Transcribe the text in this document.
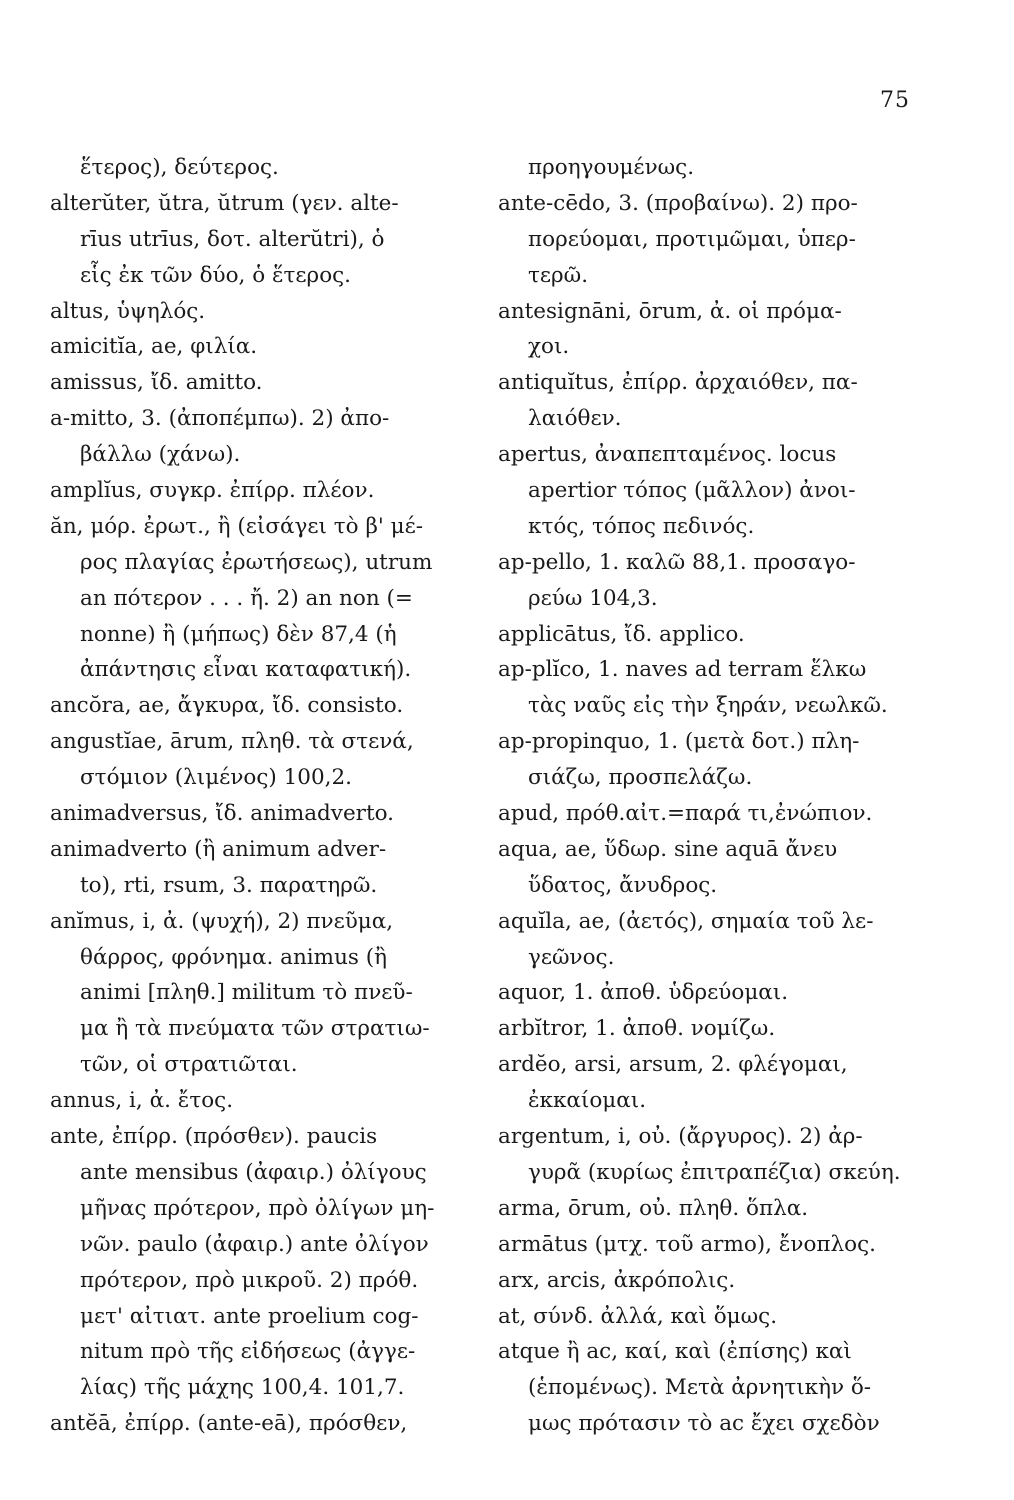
75
ἕτερος), δεύτερος.
alterŭter, ŭtra, ŭtrum (γεν. alte-
rīus utrīus, δοτ. alterŭtri), ὁ
εἷς ἐκ τῶν δύο, ὁ ἕτερος.
altus, ὑψηλός.
amicitĭa, ae, φιλία.
amissus, ἴδ. amitto.
a-mitto, 3. (ἀποπέμπω). 2) ἀπο-
βάλλω (χάνω).
amplĭus, συγκρ. ἐπίρρ. πλέον.
ăn, μόρ. ἐρωτ., ἢ (εἰσάγει τὸ β' μέ-
ρος πλαγίας ἐρωτήσεως), utrum
an πότερον . . . ἤ. 2) an non (=
nonne) ἢ (μήπως) δὲν 87,4 (ἡ
ἀπάντησις εἶναι καταφατική).
ancŏra, ae, ἄγκυρα, ἴδ. consisto.
angustĭae, ārum, πληθ. τὰ στενά,
στόμιον (λιμένος) 100,2.
animadversus, ἴδ. animadverto.
animadverto (ἢ animum adver-
to), rti, rsum, 3. παρατηρῶ.
anĭmus, i, ἀ. (ψυχή), 2) πνεῦμα,
θάρρος, φρόνημα. animus (ἢ
animi [πληθ.] militum τὸ πνεῦ-
μα ἢ τὰ πνεύματα τῶν στρατιω-
τῶν, οἱ στρατιῶται.
annus, i, ἀ. ἔτος.
ante, ἐπίρρ. (πρόσθεν). paucis
ante mensibus (ἀφαιρ.) ὀλίγους
μῆνας πρότερον, πρὸ ὀλίγων μη-
νῶν. paulo (ἀφαιρ.) ante ὀλίγον
πρότερον, πρὸ μικροῦ. 2) πρόθ.
μετ' αἰτιατ. ante proelium cog-
nitum πρὸ τῆς εἰδήσεως (ἀγγε-
λίας) τῆς μάχης 100,4. 101,7.
antĕā, ἐπίρρ. (ante-eā), πρόσθεν,
προηγουμένως.
ante-cēdo, 3. (προβαίνω). 2) προ-
πορεύομαι, προτιμῶμαι, ὑπερ-
τερῶ.
antesignāni, ōrum, ἀ. οἱ πρόμα-
χοι.
antiquĭtus, ἐπίρρ. ἀρχαιόθεν, πα-
λαιόθεν.
apertus, ἀναπεπταμένος. locus
apertior τόπος (μᾶλλον) ἀνοι-
κτός, τόπος πεδινός.
ap-pello, 1. καλῶ 88,1. προσαγο-
ρεύω 104,3.
applicātus, ἴδ. applico.
ap-plĭco, 1. naves ad terram ἕλκω
τὰς ναῦς εἰς τὴν ξηράν, νεωλκῶ.
ap-propinquo, 1. (μετὰ δοτ.) πλη-
σιάζω, προσπελάζω.
apud, πρόθ.αἰτ.=παρά τι,ἐνώπιον.
aqua, ae, ὕδωρ. sine aquā ἄνευ
ὕδατος, ἄνυδρος.
aquĭla, ae, (ἀετός), σημαία τοῦ λε-
γεῶνος.
aquor, 1. ἀποθ. ὑδρεύομαι.
arbĭtror, 1. ἀποθ. νομίζω.
ardĕo, arsi, arsum, 2. φλέγομαι,
ἐκκαίομαι.
argentum, i, οὐ. (ἄργυρος). 2) ἀρ-
γυρᾶ (κυρίως ἐπιτραπέζια) σκεύη.
arma, ōrum, οὐ. πληθ. ὅπλα.
armātus (μτχ. τοῦ armo), ἔνοπλος.
arx, arcis, ἀκρόπολις.
at, σύνδ. ἀλλά, καὶ ὅμως.
atque ἢ ac, καί, καὶ (ἐπίσης) καὶ
(ἑπομένως). Μετὰ ἀρνητικὴν ὅ-
μως πρότασιν τὸ ac ἔχει σχεδὸν
